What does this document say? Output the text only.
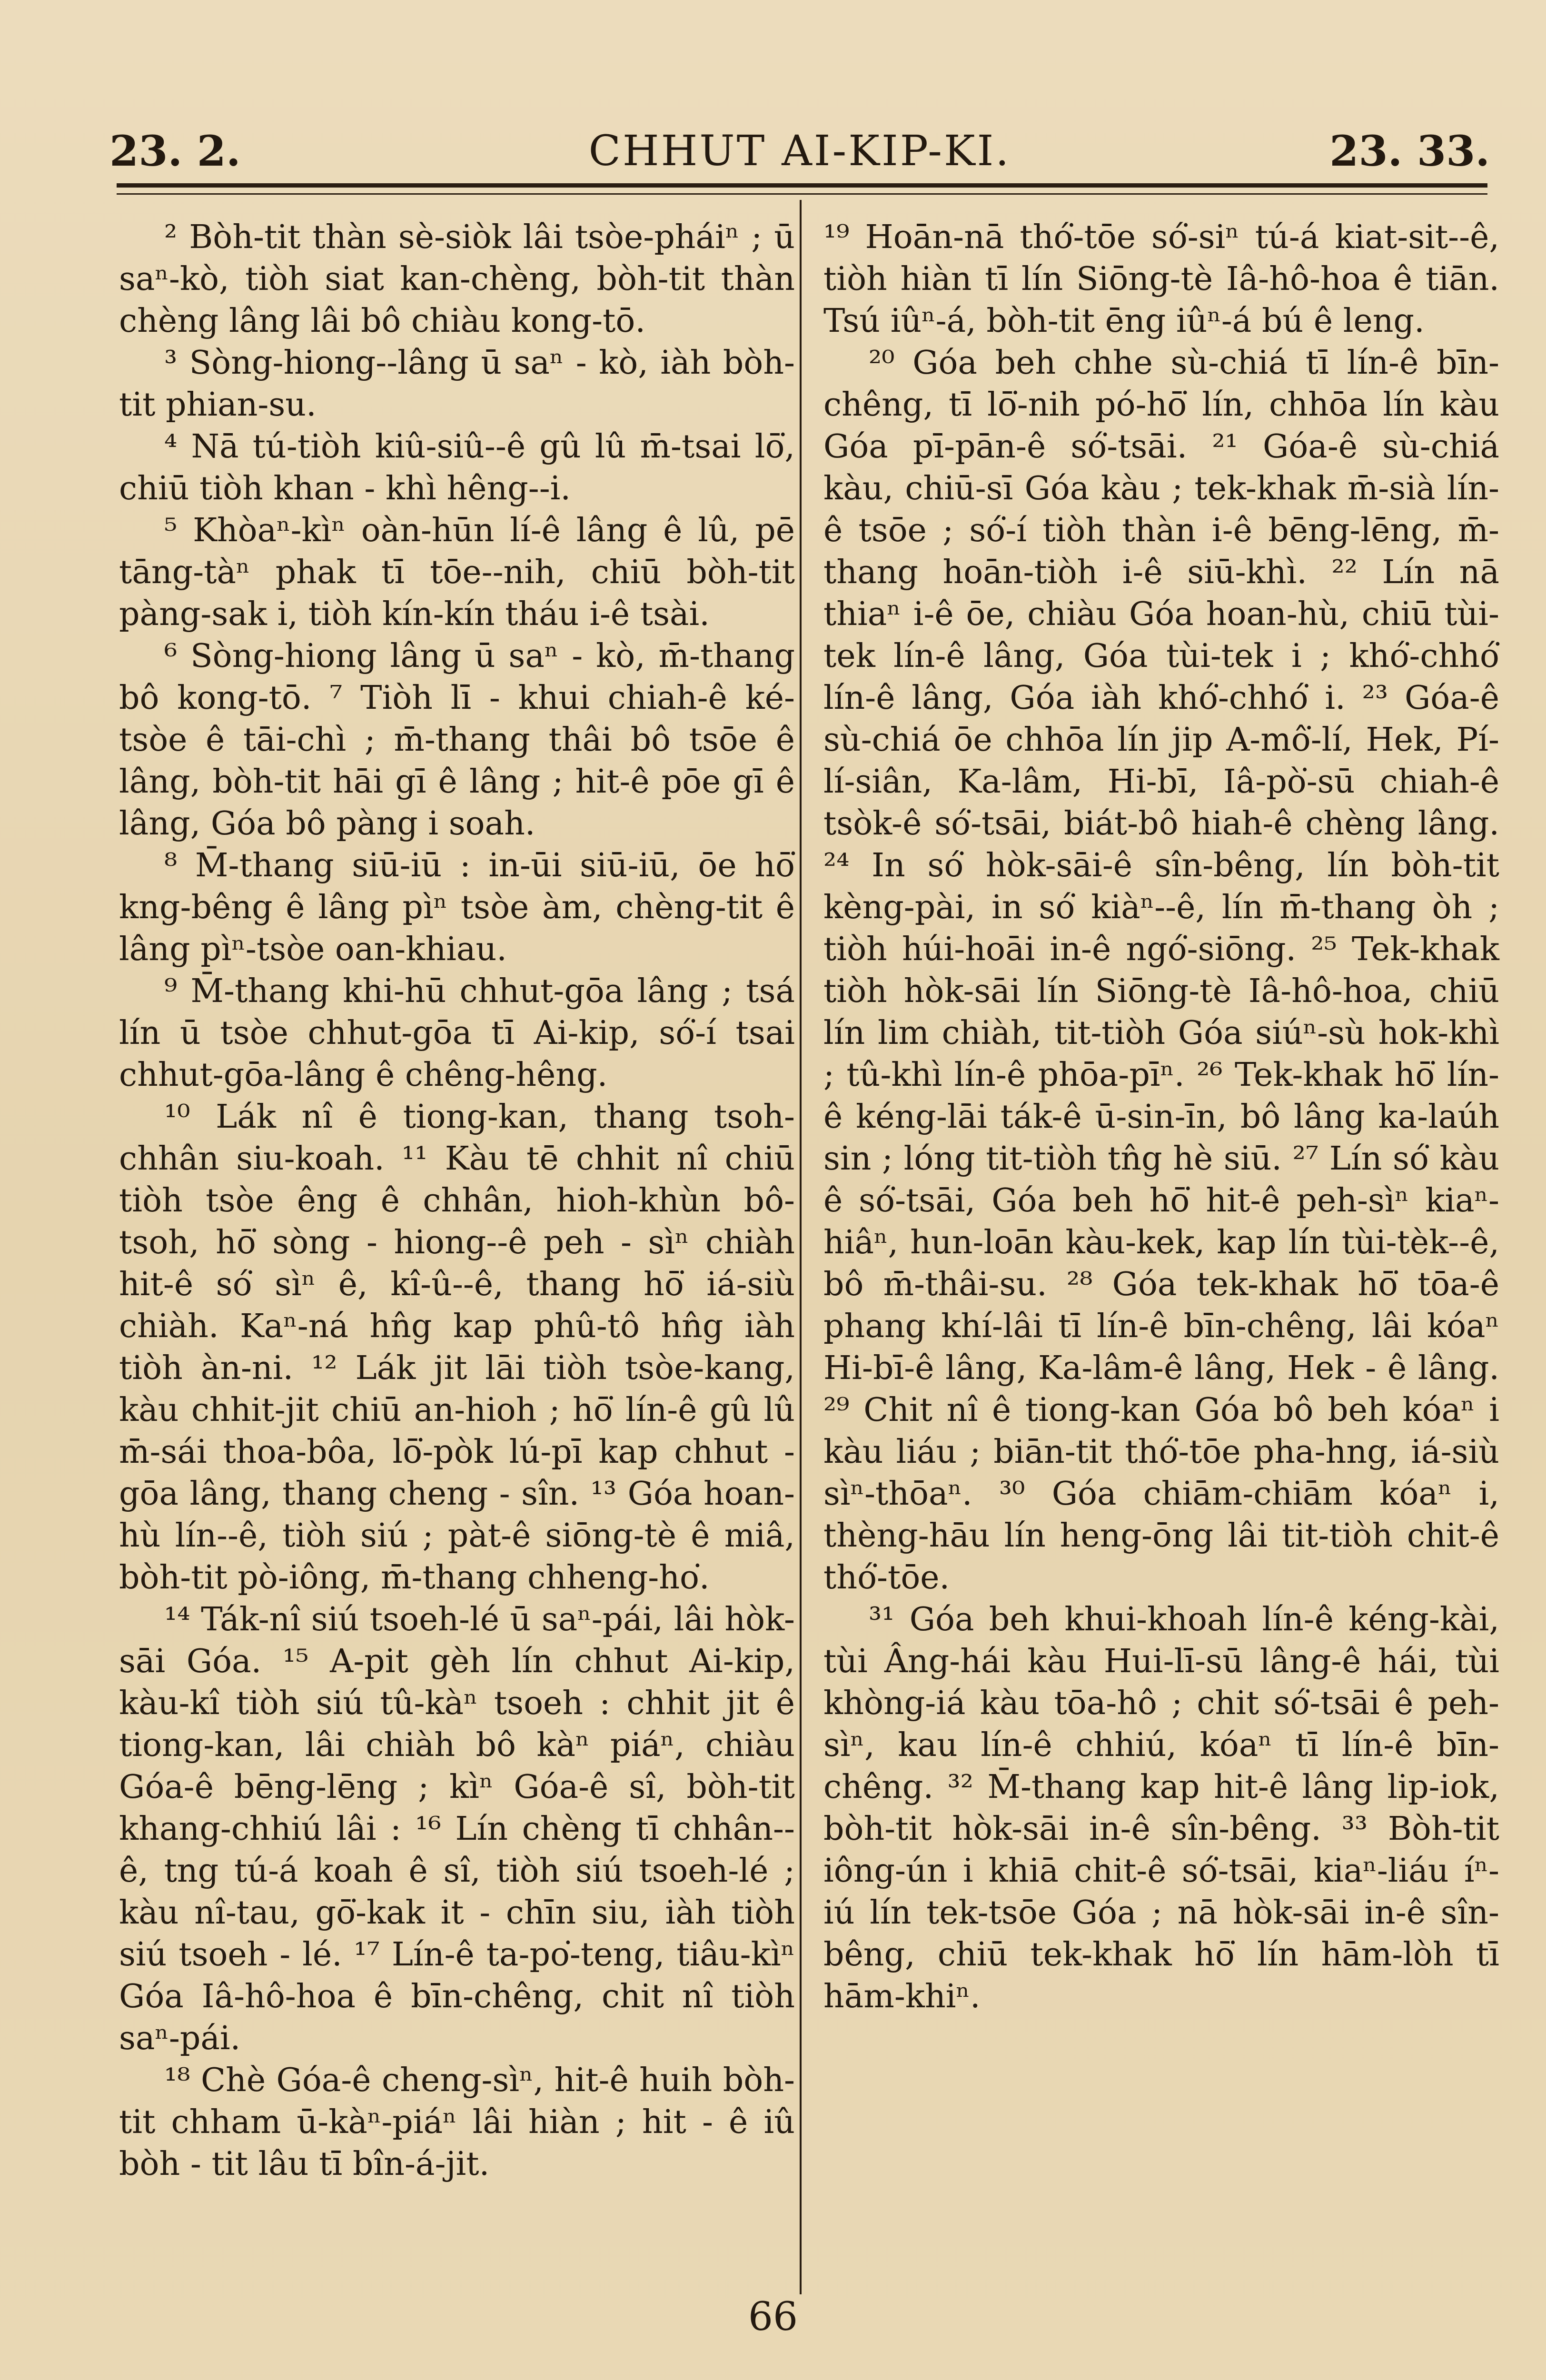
23. 2.	CHHUT AI-KIP-KI.	23. 33.

² Bòh-tit thàn sè-siòk lâi tsòe-pháiⁿ ; ū saⁿ-kò, tiòh siat kan-chèng, bòh-tit thàn chèng lâng lâi bô chiàu kong-tō.

³ Sòng-hiong--lâng ū saⁿ - kò, iàh bòh-tit phian-su.

⁴ Nā tú-tiòh kiû-siû--ê gû lû m̄-tsai lō͘, chiū tiòh khan - khì hêng--i.

⁵ Khòaⁿ-kìⁿ oàn-hūn lí-ê lâng ê lû, pē tāng-tàⁿ phak tī tōe--nih, chiū bòh-tit pàng-sak i, tiòh kín-kín tháu i-ê tsài.

⁶ Sòng-hiong lâng ū saⁿ - kò, m̄-thang bô kong-tō. ⁷ Tiòh lī - khui chiah-ê ké-tsòe ê tāi-chì ; m̄-thang thâi bô tsōe ê lâng, bòh-tit hāi gī ê lâng ; hit-ê pōe gī ê lâng, Góa bô pàng i soah.

⁸ M̄-thang siū-iū : in-ūi siū-iū, ōe hō͘ kng-bêng ê lâng pìⁿ tsòe àm, chèng-tit ê lâng pìⁿ-tsòe oan-khiau.

⁹ M̄-thang khi-hū chhut-gōa lâng ; tsá lín ū tsòe chhut-gōa tī Ai-kip, só͘-í tsai chhut-gōa-lâng ê chêng-hêng.

¹⁰ Lák nî ê tiong-kan, thang tsoh-chhân siu-koah. ¹¹ Kàu tē chhit nî chiū tiòh tsòe êng ê chhân, hioh-khùn bô-tsoh, hō͘ sòng - hiong--ê peh - sìⁿ chiàh hit-ê só͘ sìⁿ ê, kî-û--ê, thang hō͘ iá-siù chiàh. Kaⁿ-ná hn̂g kap phû-tô hn̂g iàh tiòh àn-ni. ¹² Lák jit lāi tiòh tsòe-kang, kàu chhit-jit chiū an-hioh ; hō͘ lín-ê gû lû m̄-sái thoa-bôa, lō͘-pòk lú-pī kap chhut - gōa lâng, thang cheng - sîn. ¹³ Góa hoan-hù lín--ê, tiòh siú ; pàt-ê siōng-tè ê miâ, bòh-tit pò-iông, m̄-thang chheng-ho͘.

¹⁴ Ták-nî siú tsoeh-lé ū saⁿ-pái, lâi hòk-sāi Góa. ¹⁵ A-pit gèh lín chhut Ai-kip, kàu-kî tiòh siú tû-kàⁿ tsoeh : chhit jit ê tiong-kan, lâi chiàh bô kàⁿ piáⁿ, chiàu Góa-ê bēng-lēng ; kìⁿ Góa-ê sî, bòh-tit khang-chhiú lâi : ¹⁶ Lín chèng tī chhân--ê, tng tú-á koah ê sî, tiòh siú tsoeh-lé ; kàu nî-tau, gō͘-kak it - chīn siu, iàh tiòh siú tsoeh - lé. ¹⁷ Lín-ê ta-po͘-teng, tiâu-kìⁿ Góa Iâ-hô-hoa ê bīn-chêng, chit nî tiòh saⁿ-pái.

¹⁸ Chè Góa-ê cheng-sìⁿ, hit-ê huih bòh-tit chham ū-kàⁿ-piáⁿ lâi hiàn ; hit - ê iû bòh - tit lâu tī bîn-á-jit.

¹⁹ Hoān-nā thó͘-tōe só͘-siⁿ tú-á kiat-sit--ê, tiòh hiàn tī lín Siōng-tè Iâ-hô-hoa ê tiān. Tsú iûⁿ-á, bòh-tit ēng iûⁿ-á bú ê leng.

²⁰ Góa beh chhe sù-chiá tī lín-ê bīn-chêng, tī lō͘-nih pó-hō͘ lín, chhōa lín kàu Góa pī-pān-ê só͘-tsāi. ²¹ Góa-ê sù-chiá kàu, chiū-sī Góa kàu ; tek-khak m̄-sià lín-ê tsōe ; só͘-í tiòh thàn i-ê bēng-lēng, m̄-thang hoān-tiòh i-ê siū-khì. ²² Lín nā thiaⁿ i-ê ōe, chiàu Góa hoan-hù, chiū tùi-tek lín-ê lâng, Góa tùi-tek i ; khó͘-chhó͘ lín-ê lâng, Góa iàh khó͘-chhó͘ i. ²³ Góa-ê sù-chiá ōe chhōa lín jip A-mô͘-lí, Hek, Pí-lí-siân, Ka-lâm, Hi-bī, Iâ-pò͘-sū chiah-ê tsòk-ê só͘-tsāi, biát-bô hiah-ê chèng lâng. ²⁴ In só͘ hòk-sāi-ê sîn-bêng, lín bòh-tit kèng-pài, in só͘ kiàⁿ--ê, lín m̄-thang òh ; tiòh húi-hoāi in-ê ngó͘-siōng. ²⁵ Tek-khak tiòh hòk-sāi lín Siōng-tè Iâ-hô-hoa, chiū lín lim chiàh, tit-tiòh Góa siúⁿ-sù hok-khì ; tû-khì lín-ê phōa-pīⁿ. ²⁶ Tek-khak hō͘ lín-ê kéng-lāi ták-ê ū-sin-īn, bô lâng ka-laúh sin ; lóng tit-tiòh tn̂g hè siū. ²⁷ Lín só͘ kàu ê só͘-tsāi, Góa beh hō͘ hit-ê peh-sìⁿ kiaⁿ-hiâⁿ, hun-loān kàu-kek, kap lín tùi-tèk--ê, bô m̄-thâi-su. ²⁸ Góa tek-khak hō͘ tōa-ê phang khí-lâi tī lín-ê bīn-chêng, lâi kóaⁿ Hi-bī-ê lâng, Ka-lâm-ê lâng, Hek - ê lâng. ²⁹ Chit nî ê tiong-kan Góa bô beh kóaⁿ i kàu liáu ; biān-tit thó͘-tōe pha-hng, iá-siù sìⁿ-thōaⁿ. ³⁰ Góa chiām-chiām kóaⁿ i, thèng-hāu lín heng-ōng lâi tit-tiòh chit-ê thó͘-tōe.

³¹ Góa beh khui-khoah lín-ê kéng-kài, tùi Âng-hái kàu Hui-lī-sū lâng-ê hái, tùi khòng-iá kàu tōa-hô ; chit só͘-tsāi ê peh-sìⁿ, kau lín-ê chhiú, kóaⁿ tī lín-ê bīn-chêng. ³² M̄-thang kap hit-ê lâng lip-iok, bòh-tit hòk-sāi in-ê sîn-bêng. ³³ Bòh-tit iông-ún i khiā chit-ê só͘-tsāi, kiaⁿ-liáu íⁿ-iú lín tek-tsōe Góa ; nā hòk-sāi in-ê sîn-bêng, chiū tek-khak hō͘ lín hām-lòh tī hām-khiⁿ.

66
